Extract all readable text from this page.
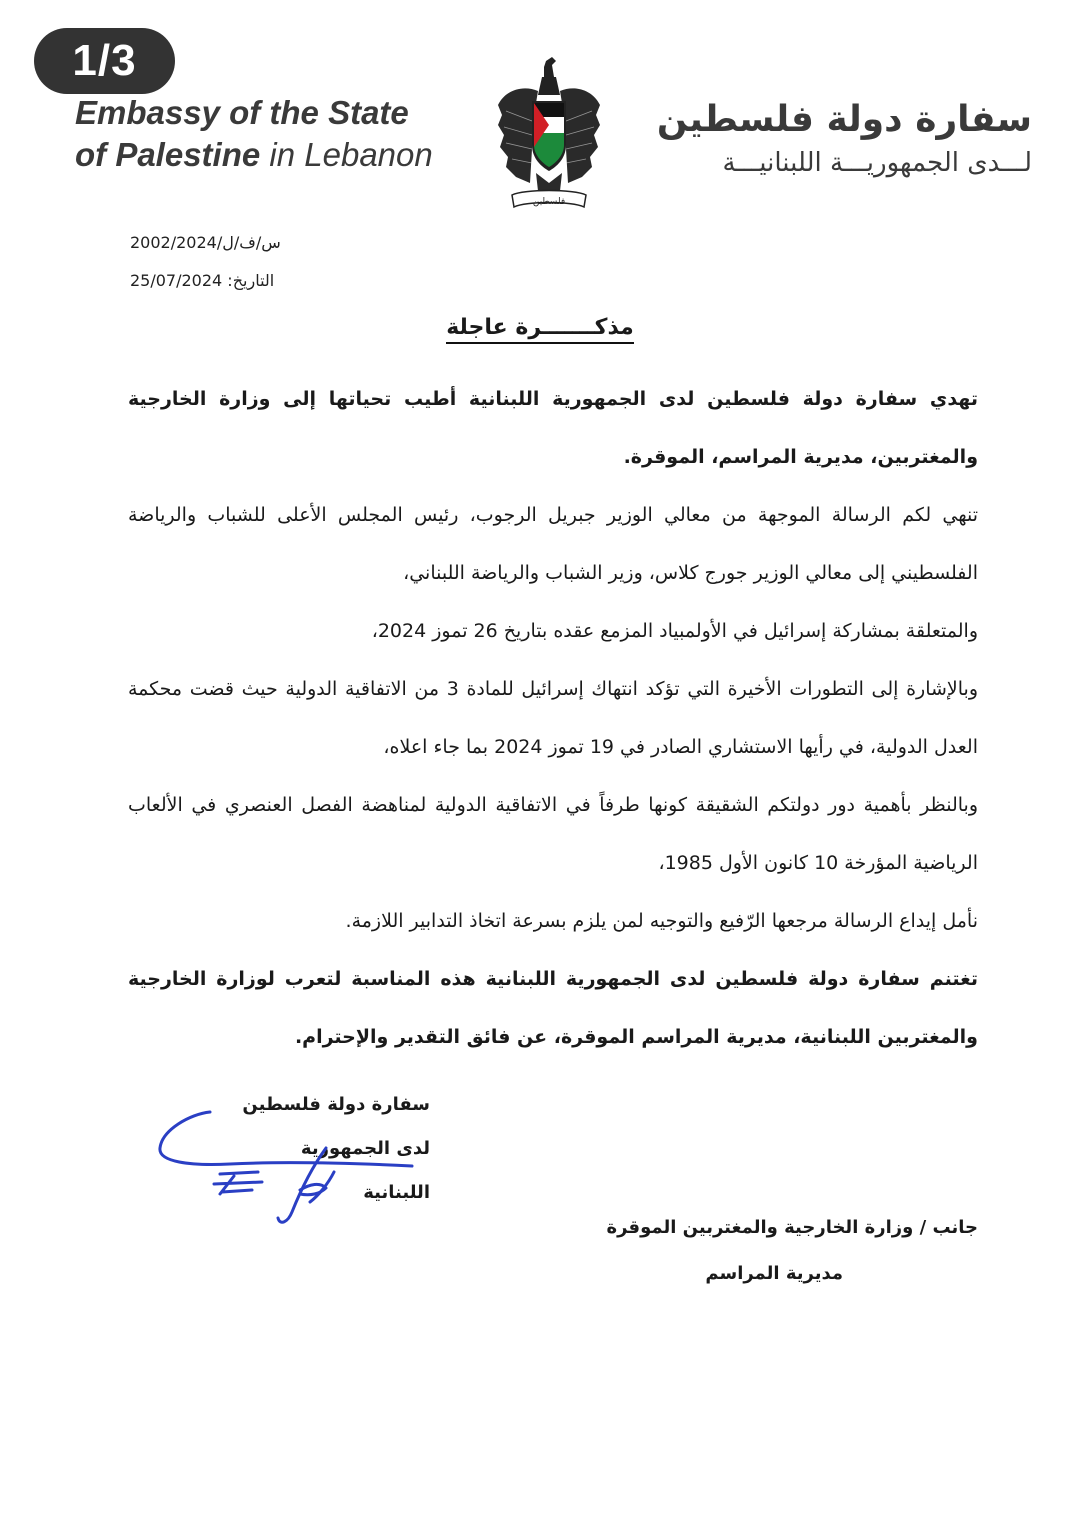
1/3
Embassy of the State
of Palestine in Lebanon
فلسطين
سفارة دولة فلسطين
لـــدى الجمهوريـــة اللبنانيـــة
س/ف/ل/2002/2024
التاريخ: 25/07/2024
مذكـــــــرة عاجلة

تهدي سفارة دولة فلسطين لدى الجمهورية اللبنانية أطيب تحياتها إلى وزارة الخارجية والمغتربين، مديرية المراسم، الموقرة.

تنهي لكم الرسالة الموجهة من معالي الوزير جبريل الرجوب، رئيس المجلس الأعلى للشباب والرياضة الفلسطيني إلى معالي الوزير جورج كلاس، وزير الشباب والرياضة اللبناني،

والمتعلقة بمشاركة إسرائيل في الأولمبياد المزمع عقده بتاريخ 26 تموز 2024،

وبالإشارة إلى التطورات الأخيرة التي تؤكد انتهاك إسرائيل للمادة 3 من الاتفاقية الدولية حيث قضت محكمة العدل الدولية، في رأيها الاستشاري الصادر في 19 تموز 2024 بما جاء اعلاه،

وبالنظر بأهمية دور دولتكم الشقيقة كونها طرفاً في الاتفاقية الدولية لمناهضة الفصل العنصري في الألعاب الرياضية المؤرخة 10 كانون الأول 1985،

نأمل إيداع الرسالة مرجعها الرّفيع والتوجيه لمن يلزم بسرعة اتخاذ التدابير اللازمة.

تغتنم سفارة دولة فلسطين لدى الجمهورية اللبنانية هذه المناسبة لتعرب لوزارة الخارجية والمغتربين اللبنانية، مديرية المراسم الموقرة، عن فائق التقدير والإحترام.

سفارة دولة فلسطين
لدى الجمهورية اللبنانية
جانب / وزارة الخارجية والمغتربين الموقرة
مديرية المراسم
